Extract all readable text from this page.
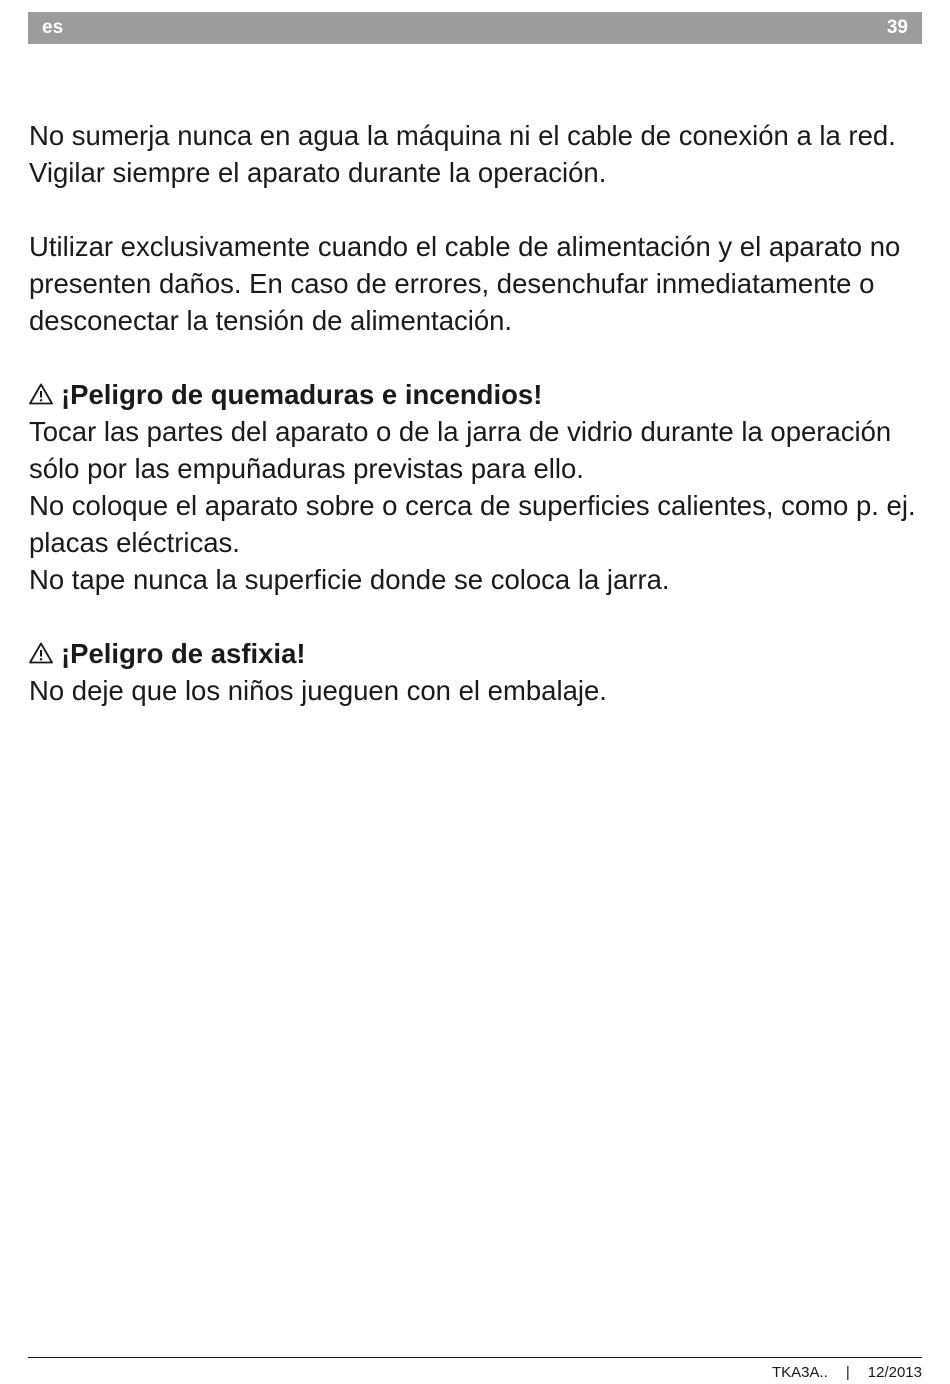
es	39

No sumerja nunca en agua la máquina ni el cable de conexión a la red. Vigilar siempre el aparato durante la operación.

Utilizar exclusivamente cuando el cable de alimentación y el aparato no presenten daños. En caso de errores, desenchufar inmediatamente o desconectar la tensión de alimentación.

¡Peligro de quemaduras e incendios!

Tocar las partes del aparato o de la jarra de vidrio durante la operación sólo por las empuñaduras previstas para ello.

No coloque el aparato sobre o cerca de superficies calientes, como p. ej. placas eléctricas.

No tape nunca la superficie donde se coloca la jarra.

¡Peligro de asfixia!

No deje que los niños jueguen con el embalaje.

TKA3A.. | 12/2013
